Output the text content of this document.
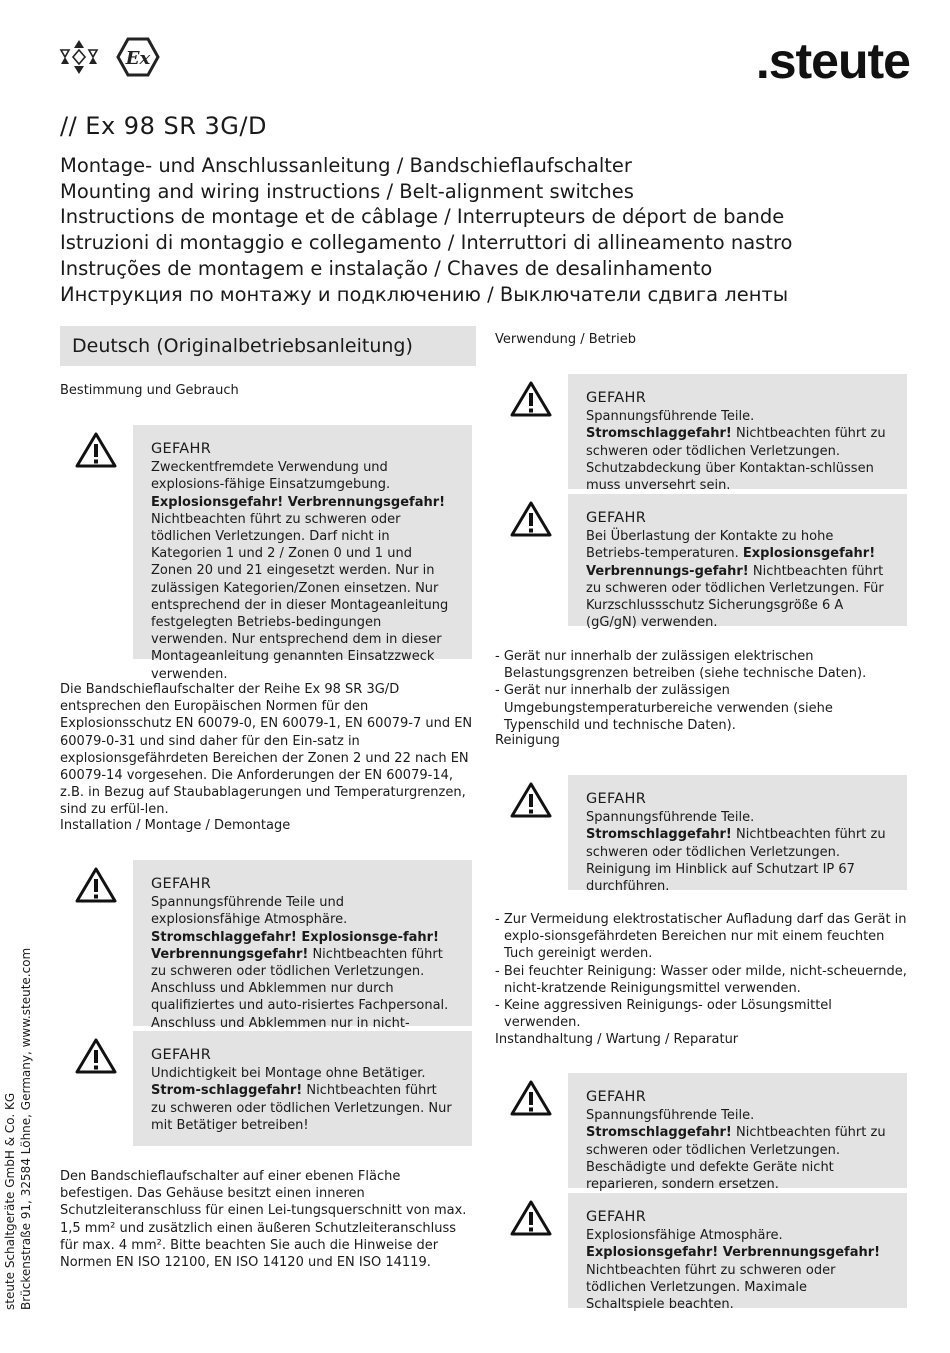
Ex	.steute
// Ex 98 SR 3G/D
Montage- und Anschlussanleitung / Bandschieflaufschalter
Mounting and wiring instructions / Belt-alignment switches
Instructions de montage et de câblage / Interrupteurs de déport de bande
Istruzioni di montaggio e collegamento / Interruttori di allineamento nastro
Instruções de montagem e instalação / Chaves de desalinhamento
Инструкция по монтажу и подключению / Выключатели сдвига ленты
Deutsch (Originalbetriebsanleitung)
Bestimmung und Gebrauch
GEFAHR
Zweckentfremdete Verwendung und explosions-fähige Einsatzumgebung. Explosionsgefahr! Verbrennungsgefahr! Nichtbeachten führt zu schweren oder tödlichen Verletzungen. Darf nicht in Kategorien 1 und 2 / Zonen 0 und 1 und Zonen 20 und 21 eingesetzt werden. Nur in zulässigen Kategorien/Zonen einsetzen. Nur entsprechend der in dieser Montageanleitung festgelegten Betriebs-bedingungen verwenden. Nur entsprechend dem in dieser Montageanleitung genannten Einsatzzweck verwenden.
Die Bandschieflaufschalter der Reihe Ex 98 SR 3G/D entsprechen den Europäischen Normen für den Explosionsschutz EN 60079-0, EN 60079-1, EN 60079-7 und EN 60079-0-31 und sind daher für den Ein-satz in explosionsgefährdeten Bereichen der Zonen 2 und 22 nach EN 60079-14 vorgesehen. Die Anforderungen der EN 60079-14, z.B. in Bezug auf Staubablagerungen und Temperaturgrenzen, sind zu erfül-len.
Installation / Montage / Demontage
GEFAHR
Spannungsführende Teile und explosionsfähige Atmosphäre. Stromschlaggefahr! Explosionsge-fahr! Verbrennungsgefahr! Nichtbeachten führt zu schweren oder tödlichen Verletzungen. Anschluss und Abklemmen nur durch qualifiziertes und auto-risiertes Fachpersonal. Anschluss und Abklemmen nur in nicht-
GEFAHR
Undichtigkeit bei Montage ohne Betätiger. Strom-schlaggefahr! Nichtbeachten führt zu schweren oder tödlichen Verletzungen. Nur mit Betätiger betreiben!
Den Bandschieflaufschalter auf einer ebenen Fläche befestigen. Das Gehäuse besitzt einen inneren Schutzleiteranschluss für einen Lei-tungsquerschnitt von max. 1,5 mm² und zusätzlich einen äußeren Schutzleiteranschluss für max. 4 mm². Bitte beachten Sie auch die Hinweise der Normen EN ISO 12100, EN ISO 14120 und EN ISO 14119.
Verwendung / Betrieb
GEFAHR
Spannungsführende Teile. Stromschlaggefahr! Nichtbeachten führt zu schweren oder tödlichen Verletzungen. Schutzabdeckung über Kontaktan-schlüssen muss unversehrt sein.
GEFAHR
Bei Überlastung der Kontakte zu hohe Betriebs-temperaturen. Explosionsgefahr! Verbrennungs-gefahr! Nichtbeachten führt zu schweren oder tödlichen Verletzungen. Für Kurzschlussschutz Sicherungsgröße 6 A (gG/gN) verwenden.
- Gerät nur innerhalb der zulässigen elektrischen Belastungsgrenzen betreiben (siehe technische Daten).
- Gerät nur innerhalb der zulässigen Umgebungstemperaturbereiche verwenden (siehe Typenschild und technische Daten).
Reinigung
GEFAHR
Spannungsführende Teile. Stromschlaggefahr! Nichtbeachten führt zu schweren oder tödlichen Verletzungen. Reinigung im Hinblick auf Schutzart IP 67 durchführen.
- Zur Vermeidung elektrostatischer Aufladung darf das Gerät in explo-sionsgefährdeten Bereichen nur mit einem feuchten Tuch gereinigt werden.
- Bei feuchter Reinigung: Wasser oder milde, nicht-scheuernde, nicht-kratzende Reinigungsmittel verwenden.
- Keine aggressiven Reinigungs- oder Lösungsmittel verwenden.
Instandhaltung / Wartung / Reparatur
GEFAHR
Spannungsführende Teile. Stromschlaggefahr! Nichtbeachten führt zu schweren oder tödlichen Verletzungen. Beschädigte und defekte Geräte nicht reparieren, sondern ersetzen.
GEFAHR
Explosionsfähige Atmosphäre. Explosionsgefahr! Verbrennungsgefahr! Nichtbeachten führt zu schweren oder tödlichen Verletzungen. Maximale Schaltspiele beachten.
steute Schaltgeräte GmbH & Co. KG Brückenstraße 91, 32584 Löhne, Germany, www.steute.com
